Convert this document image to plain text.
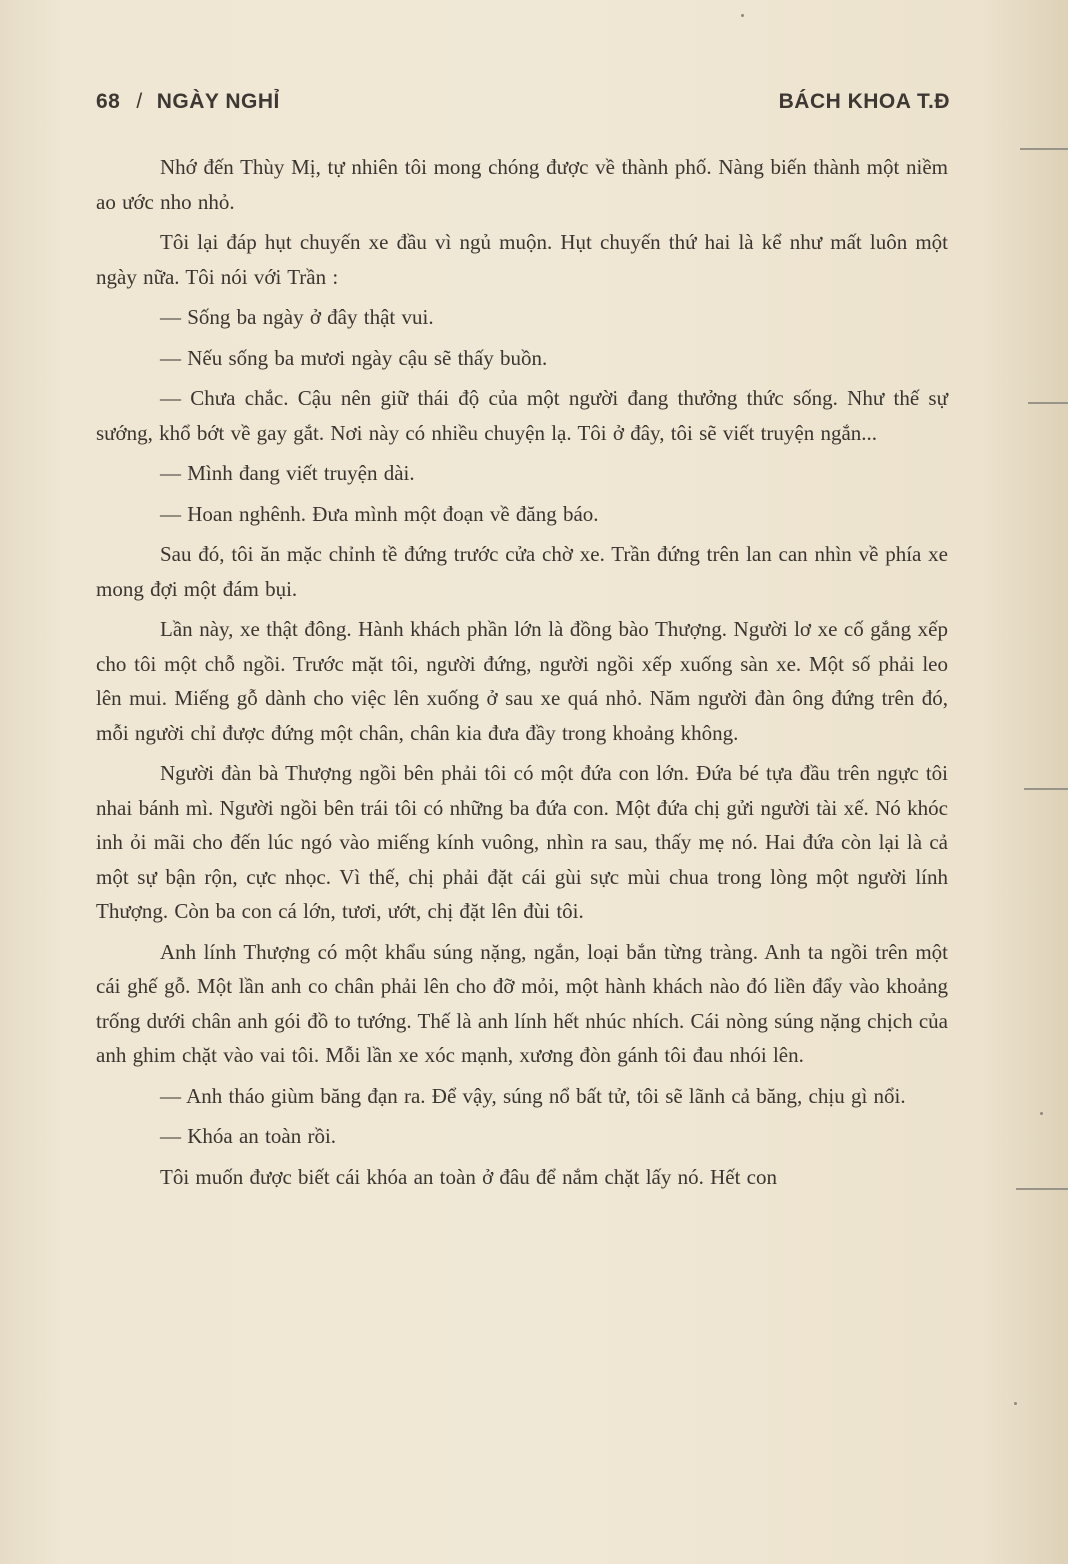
68 / NGÀY NGHỈ	BÁCH KHOA T.Đ

Nhớ đến Thùy Mị, tự nhiên tôi mong chóng được về thành phố. Nàng biến thành một niềm ao ước nho nhỏ.

Tôi lại đáp hụt chuyến xe đầu vì ngủ muộn. Hụt chuyến thứ hai là kể như mất luôn một ngày nữa. Tôi nói với Trần :

— Sống ba ngày ở đây thật vui.

— Nếu sống ba mươi ngày cậu sẽ thấy buồn.

— Chưa chắc. Cậu nên giữ thái độ của một người đang thưởng thức sống. Như thế sự sướng, khổ bớt về gay gắt. Nơi này có nhiều chuyện lạ. Tôi ở đây, tôi sẽ viết truyện ngắn...

— Mình đang viết truyện dài.

— Hoan nghênh. Đưa mình một đoạn về đăng báo.

Sau đó, tôi ăn mặc chỉnh tề đứng trước cửa chờ xe. Trần đứng trên lan can nhìn về phía xe mong đợi một đám bụi.

Lần này, xe thật đông. Hành khách phần lớn là đồng bào Thượng. Người lơ xe cố gắng xếp cho tôi một chỗ ngồi. Trước mặt tôi, người đứng, người ngồi xếp xuống sàn xe. Một số phải leo lên mui. Miếng gỗ dành cho việc lên xuống ở sau xe quá nhỏ. Năm người đàn ông đứng trên đó, mỗi người chỉ được đứng một chân, chân kia đưa đầy trong khoảng không.

Người đàn bà Thượng ngồi bên phải tôi có một đứa con lớn. Đứa bé tựa đầu trên ngực tôi nhai bánh mì. Người ngồi bên trái tôi có những ba đứa con. Một đứa chị gửi người tài xế. Nó khóc inh ỏi mãi cho đến lúc ngó vào miếng kính vuông, nhìn ra sau, thấy mẹ nó. Hai đứa còn lại là cả một sự bận rộn, cực nhọc. Vì thế, chị phải đặt cái gùi sực mùi chua trong lòng một người lính Thượng. Còn ba con cá lớn, tươi, ướt, chị đặt lên đùi tôi.

Anh lính Thượng có một khẩu súng nặng, ngắn, loại bắn từng tràng. Anh ta ngồi trên một cái ghế gỗ. Một lần anh co chân phải lên cho đỡ mỏi, một hành khách nào đó liền đẩy vào khoảng trống dưới chân anh gói đồ to tướng. Thế là anh lính hết nhúc nhích. Cái nòng súng nặng chịch của anh ghim chặt vào vai tôi. Mỗi lần xe xóc mạnh, xương đòn gánh tôi đau nhói lên.

— Anh tháo giùm băng đạn ra. Để vậy, súng nổ bất tử, tôi sẽ lãnh cả băng, chịu gì nổi.

— Khóa an toàn rồi.

Tôi muốn được biết cái khóa an toàn ở đâu để nắm chặt lấy nó. Hết con
